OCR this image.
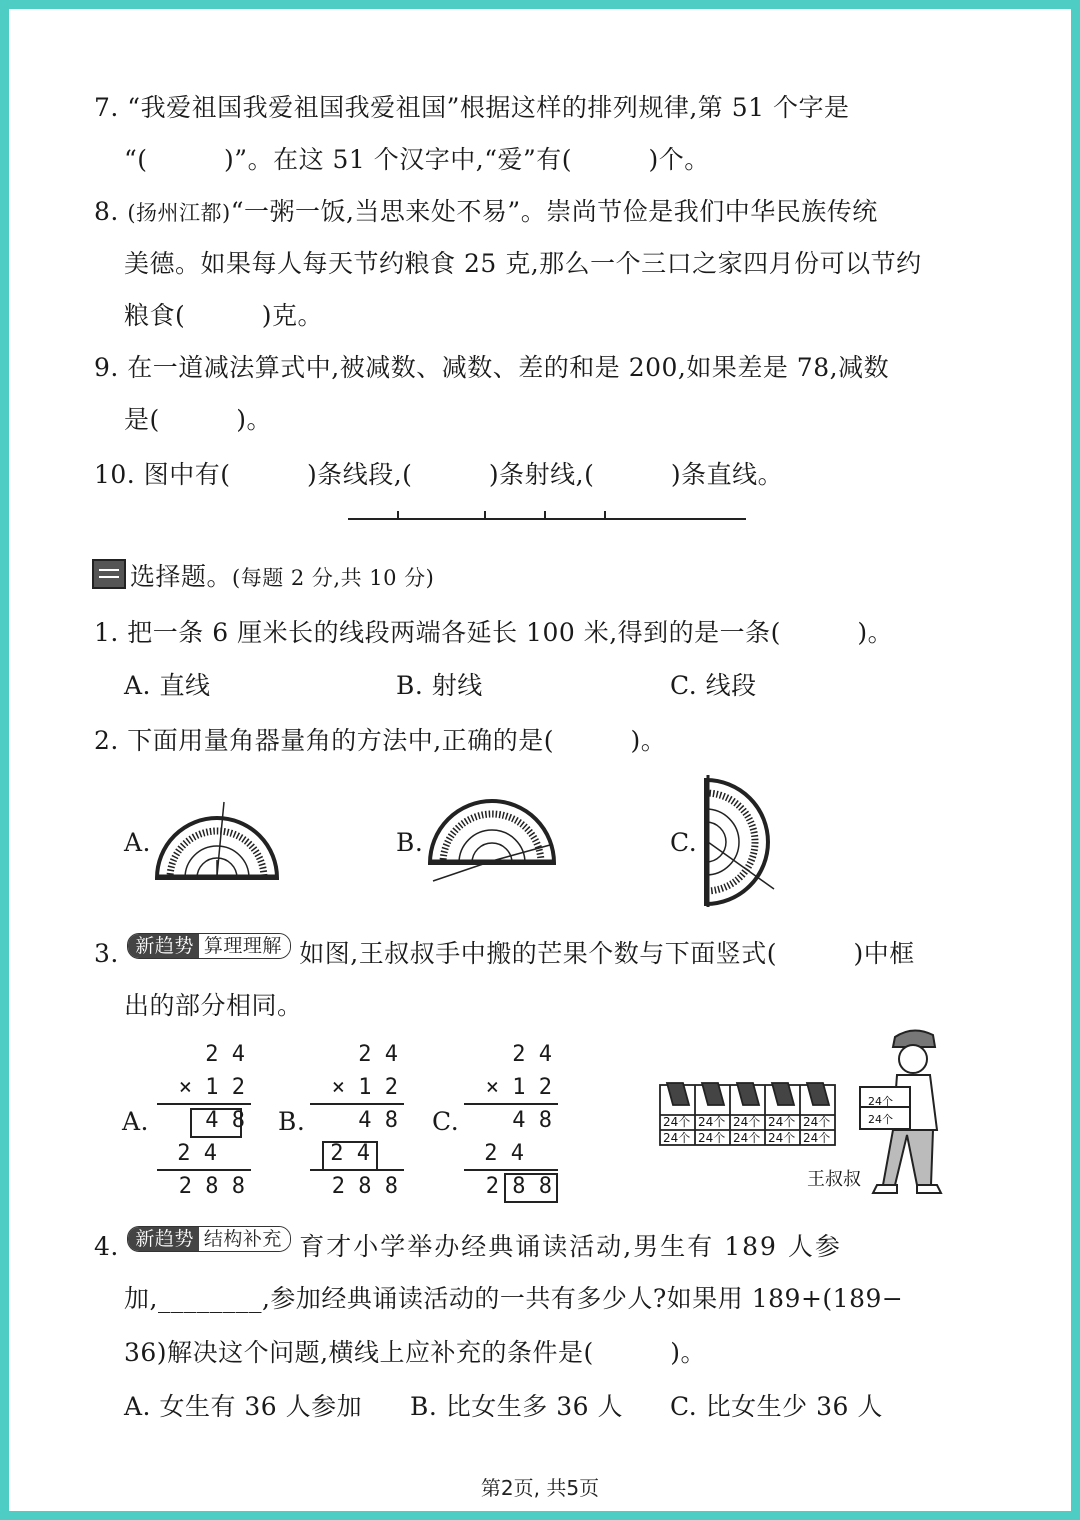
7. “我爱祖国我爱祖国我爱祖国”根据这样的排列规律,第 51 个字是
“(　　　)”。在这 51 个汉字中,“爱”有(　　　)个。
8. (扬州江都)“一粥一饭,当思来处不易”。崇尚节俭是我们中华民族传统
美德。如果每人每天节约粮食 25 克,那么一个三口之家四月份可以节约
粮食(　　　)克。
9. 在一道减法算式中,被减数、减数、差的和是 200,如果差是 78,减数
是(　　　)。
10. 图中有(　　　)条线段,(　　　)条射线,(　　　)条直线。
选择题。(每题 2 分,共 10 分)
1. 把一条 6 厘米长的线段两端各延长 100 米,得到的是一条(　　　)。
A. 直线	B. 射线	C. 线段
2. 下面用量角器量角的方法中,正确的是(　　　)。
A.	B.	C.
3. 新趋势 算理理解 如图,王叔叔手中搬的芒果个数与下面竖式(　　　)中框
出的部分相同。
A.	B.	C.
2 4
× 1 2
4 8
2 4
2 8 8
2 4
× 1 2
4 8
2 4
2 8 8
2 4
× 1 2
4 8
2 4
2 8 8
24个 24个 24个 24个 24个
24个 24个 24个 24个 24个
24个
24个
王叔叔
4. 新趋势 结构补充 育才小学举办经典诵读活动,男生有 189 人参
加,________,参加经典诵读活动的一共有多少人?如果用 189+(189−
36)解决这个问题,横线上应补充的条件是(　　　)。
A. 女生有 36 人参加 B. 比女生多 36 人 C. 比女生少 36 人
第2页, 共5页
